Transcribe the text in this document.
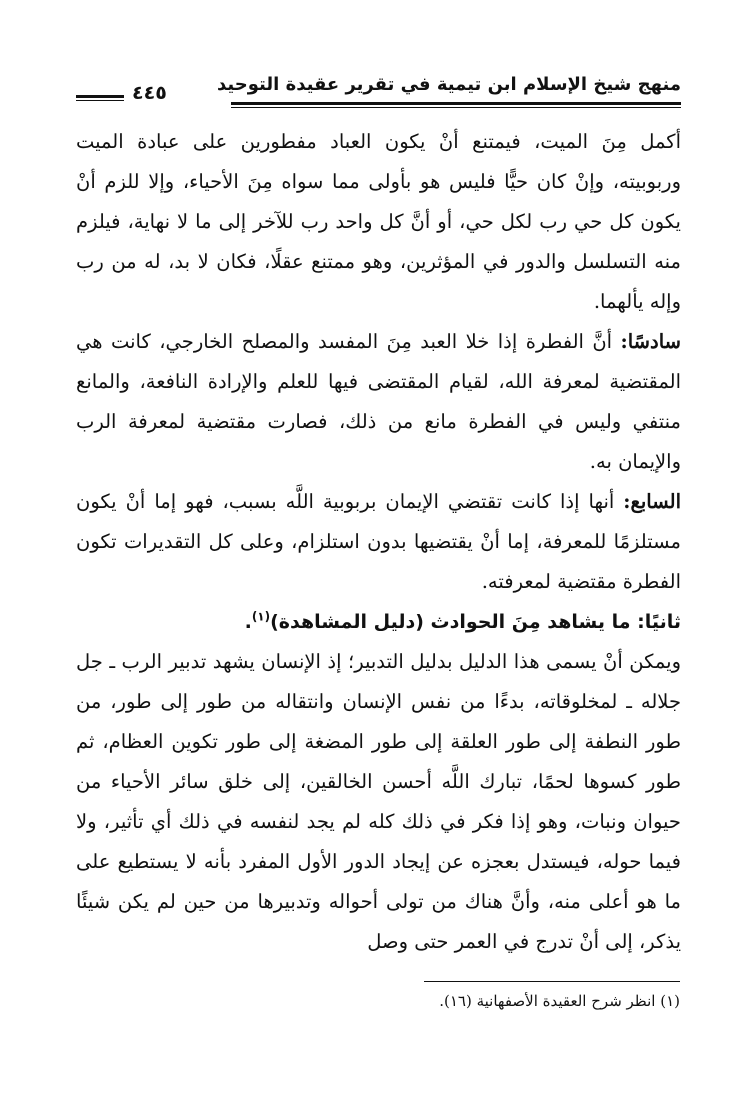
منهج شيخ الإسلام ابن تيمية في تقرير عقيدة التوحيد
٤٤٥

أكمل مِنَ الميت، فيمتنع أنْ يكون العباد مفطورين على عبادة الميت وربوبيته، وإنْ كان حيًّا فليس هو بأولى مما سواه مِنَ الأحياء، وإلا للزم أنْ يكون كل حي رب لكل حي، أو أنَّ كل واحد رب للآخر إلى ما لا نهاية، فيلزم منه التسلسل والدور في المؤثرين، وهو ممتنع عقلًا، فكان لا بد، له من رب وإله يألهما.

سادسًا: أنَّ الفطرة إذا خلا العبد مِنَ المفسد والمصلح الخارجي، كانت هي المقتضية لمعرفة الله، لقيام المقتضى فيها للعلم والإرادة النافعة، والمانع منتفي وليس في الفطرة مانع من ذلك، فصارت مقتضية لمعرفة الرب والإيمان به.

السابع: أنها إذا كانت تقتضي الإيمان بربوبية اللَّه بسبب، فهو إما أنْ يكون مستلزمًا للمعرفة، إما أنْ يقتضيها بدون استلزام، وعلى كل التقديرات تكون الفطرة مقتضية لمعرفته.

ثانيًا: ما يشاهد مِنَ الحوادث (دليل المشاهدة)$^{(١)}$.

ويمكن أنْ يسمى هذا الدليل بدليل التدبير؛ إذ الإنسان يشهد تدبير الرب ـ جل جلاله ـ لمخلوقاته، بدءًا من نفس الإنسان وانتقاله من طور إلى طور، من طور النطفة إلى طور العلقة إلى طور المضغة إلى طور تكوين العظام، ثم طور كسوها لحمًا، تبارك اللَّه أحسن الخالقين، إلى خلق سائر الأحياء من حيوان ونبات، وهو إذا فكر في ذلك كله لم يجد لنفسه في ذلك أي تأثير، ولا فيما حوله، فيستدل بعجزه عن إيجاد الدور الأول المفرد بأنه لا يستطيع على ما هو أعلى منه، وأنَّ هناك من تولى أحواله وتدبيرها من حين لم يكن شيئًا يذكر، إلى أنْ تدرج في العمر حتى وصل

(١) انظر شرح العقيدة الأصفهانية (١٦).
